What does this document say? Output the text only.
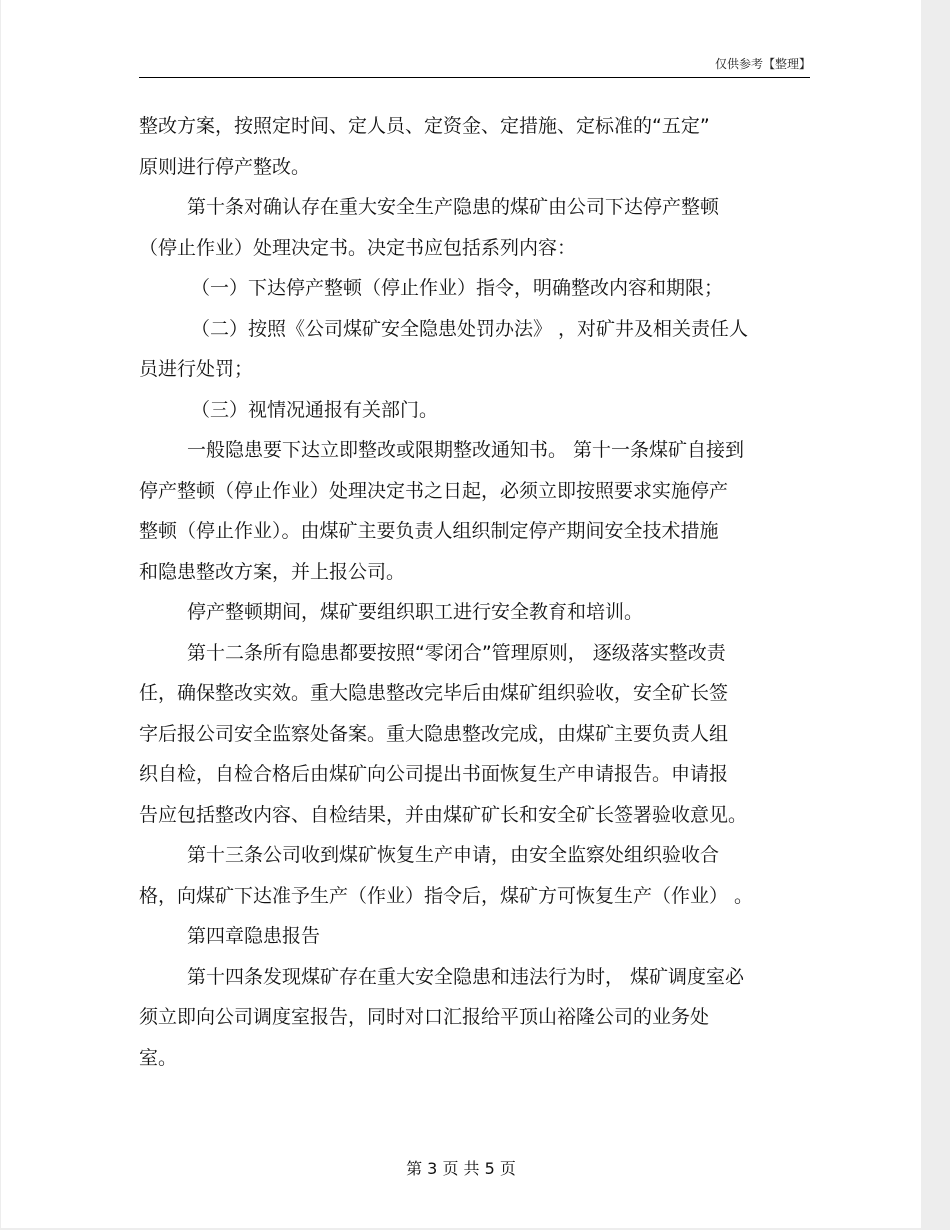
仅供参考【整理】

整改方案，按照定时间、定人员、定资金、定措施、定标准的“五定”

原则进行停产整改。

第十条对确认存在重大安全生产隐患的煤矿由公司下达停产整顿

（停止作业）处理决定书。决定书应包括系列内容：

（一）下达停产整顿（停止作业）指令，明确整改内容和期限；

（二）按照《公司煤矿安全隐患处罚办法》 ，对矿井及相关责任人

员进行处罚；

（三）视情况通报有关部门。

一般隐患要下达立即整改或限期整改通知书。 第十一条煤矿自接到

停产整顿（停止作业）处理决定书之日起，必须立即按照要求实施停产

整顿（停止作业）。由煤矿主要负责人组织制定停产期间安全技术措施

和隐患整改方案，并上报公司。

停产整顿期间，煤矿要组织职工进行安全教育和培训。

第十二条所有隐患都要按照“零闭合”管理原则， 逐级落实整改责

任，确保整改实效。重大隐患整改完毕后由煤矿组织验收，安全矿长签

字后报公司安全监察处备案。重大隐患整改完成，由煤矿主要负责人组

织自检，自检合格后由煤矿向公司提出书面恢复生产申请报告。申请报

告应包括整改内容、自检结果，并由煤矿矿长和安全矿长签署验收意见。

第十三条公司收到煤矿恢复生产申请，由安全监察处组织验收合

格，向煤矿下达准予生产（作业）指令后，煤矿方可恢复生产（作业） 。

第四章隐患报告

第十四条发现煤矿存在重大安全隐患和违法行为时， 煤矿调度室必

须立即向公司调度室报告，同时对口汇报给平顶山裕隆公司的业务处

室。

第 3 页 共 5 页
